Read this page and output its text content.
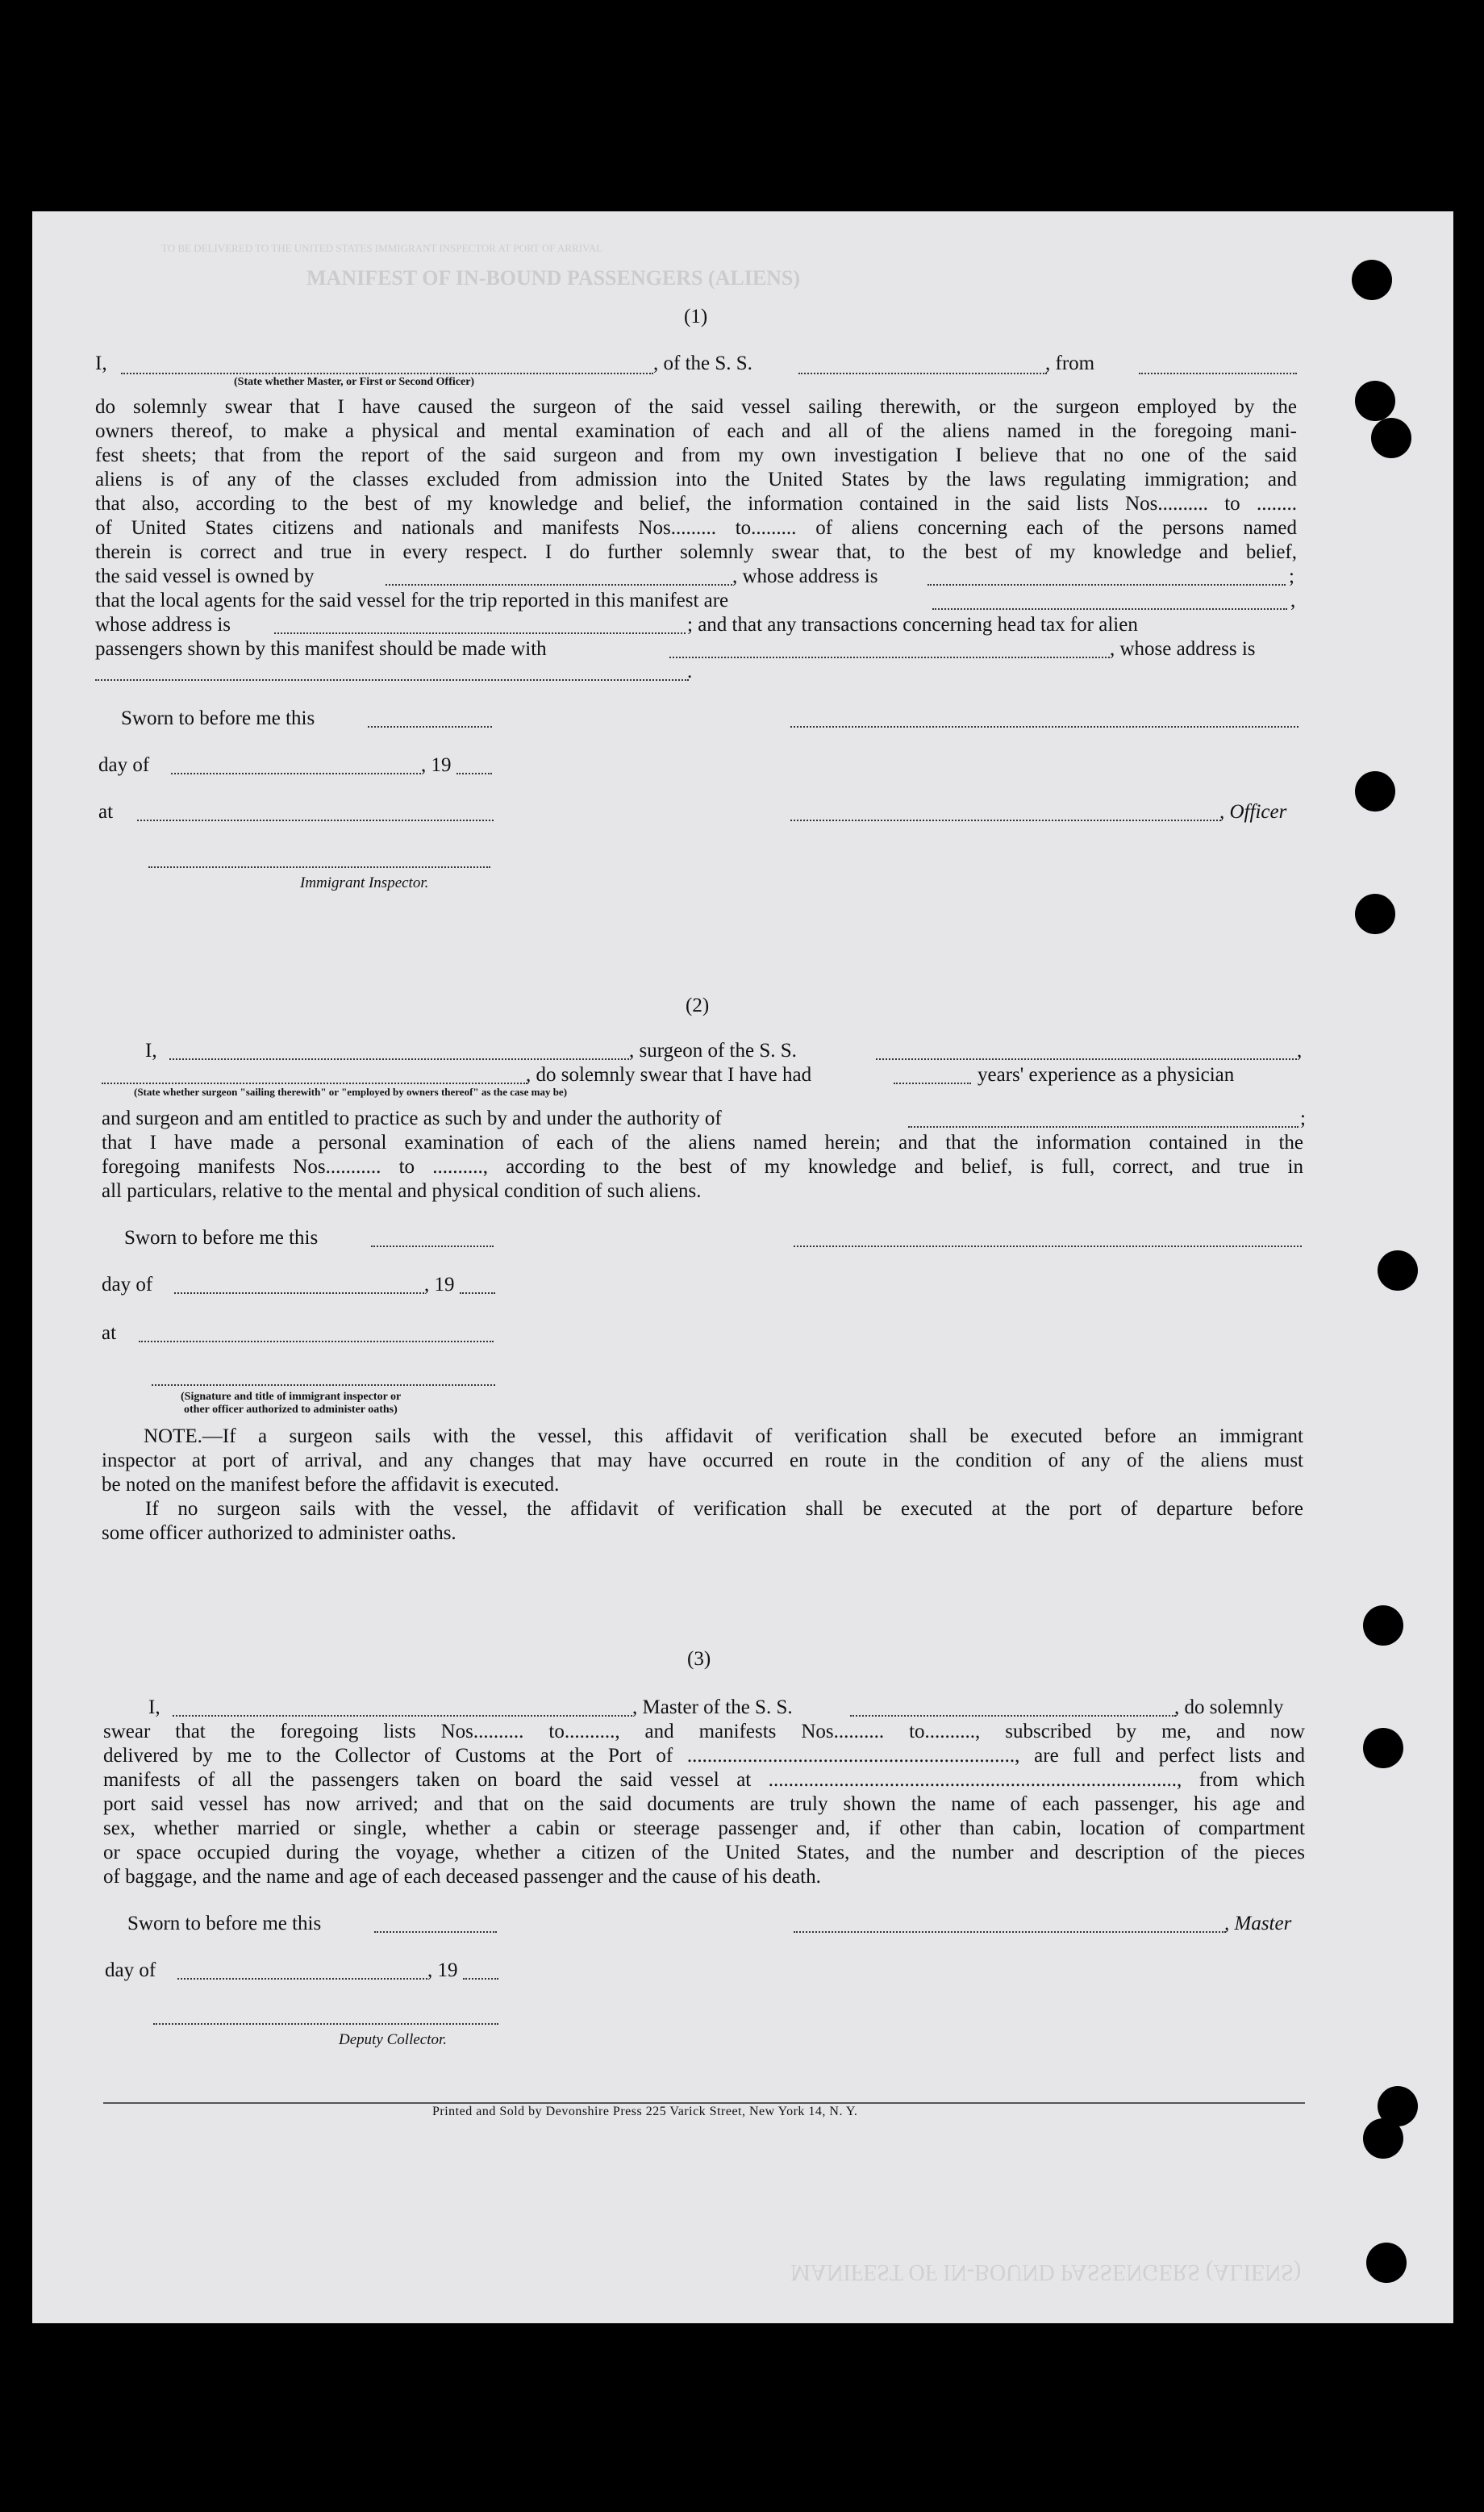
MANIFEST OF IN-BOUND PASSENGERS (ALIENS)
TO BE DELIVERED TO THE UNITED STATES IMMIGRANT INSPECTOR AT PORT OF ARRIVAL
(1)
I,	, of the S. S.	, from
(State whether Master, or First or Second Officer)
do solemnly swear that I have caused the surgeon of the said vessel sailing therewith, or the surgeon employed by the
owners thereof, to make a physical and mental examination of each and all of the aliens named in the foregoing mani-
fest sheets; that from the report of the said surgeon and from my own investigation I believe that no one of the said
aliens is of any of the classes excluded from admission into the United States by the laws regulating immigration; and
that also, according to the best of my knowledge and belief, the information contained in the said lists Nos.......... to ........
of United States citizens and nationals and manifests Nos......... to......... of aliens concerning each of the persons named
therein is correct and true in every respect. I do further solemnly swear that, to the best of my knowledge and belief,
the said vessel is owned by	, whose address is	;
that the local agents for the said vessel for the trip reported in this manifest are	,
whose address is	; and that any transactions concerning head tax for alien
passengers shown by this manifest should be made with	, whose address is
.
Sworn to before me this
day of	, 19
at	, Officer
Immigrant Inspector.
(2)
I,	, surgeon of the S. S.	,
, do solemnly swear that I have had	years' experience as a physician
(State whether surgeon "sailing therewith" or "employed by owners thereof" as the case may be)
and surgeon and am entitled to practice as such by and under the authority of	;
that I have made a personal examination of each of the aliens named herein; and that the information contained in the
foregoing manifests Nos........... to .........., according to the best of my knowledge and belief, is full, correct, and true in
all particulars, relative to the mental and physical condition of such aliens.
Sworn to before me this
day of	, 19
at
(Signature and title of immigrant inspector or
other officer authorized to administer oaths)
NOTE.—If a surgeon sails with the vessel, this affidavit of verification shall be executed before an immigrant
inspector at port of arrival, and any changes that may have occurred en route in the condition of any of the aliens must
be noted on the manifest before the affidavit is executed.
If no surgeon sails with the vessel, the affidavit of verification shall be executed at the port of departure before
some officer authorized to administer oaths.
(3)
I,	, Master of the S. S.	, do solemnly
swear that the foregoing lists Nos.......... to.........., and manifests Nos.......... to.........., subscribed by me, and now
delivered by me to the Collector of Customs at the Port of ................................................................., are full and perfect lists and
manifests of all the passengers taken on board the said vessel at ................................................................................., from which
port said vessel has now arrived; and that on the said documents are truly shown the name of each passenger, his age and
sex, whether married or single, whether a cabin or steerage passenger and, if other than cabin, location of compartment
or space occupied during the voyage, whether a citizen of the United States, and the number and description of the pieces
of baggage, and the name and age of each deceased passenger and the cause of his death.
Sworn to before me this	, Master
day of	, 19
Deputy Collector.
Printed and Sold by Devonshire Press 225 Varick Street, New York 14, N. Y.
MANIFEST OF IN-BOUND PASSENGERS (ALIENS)
